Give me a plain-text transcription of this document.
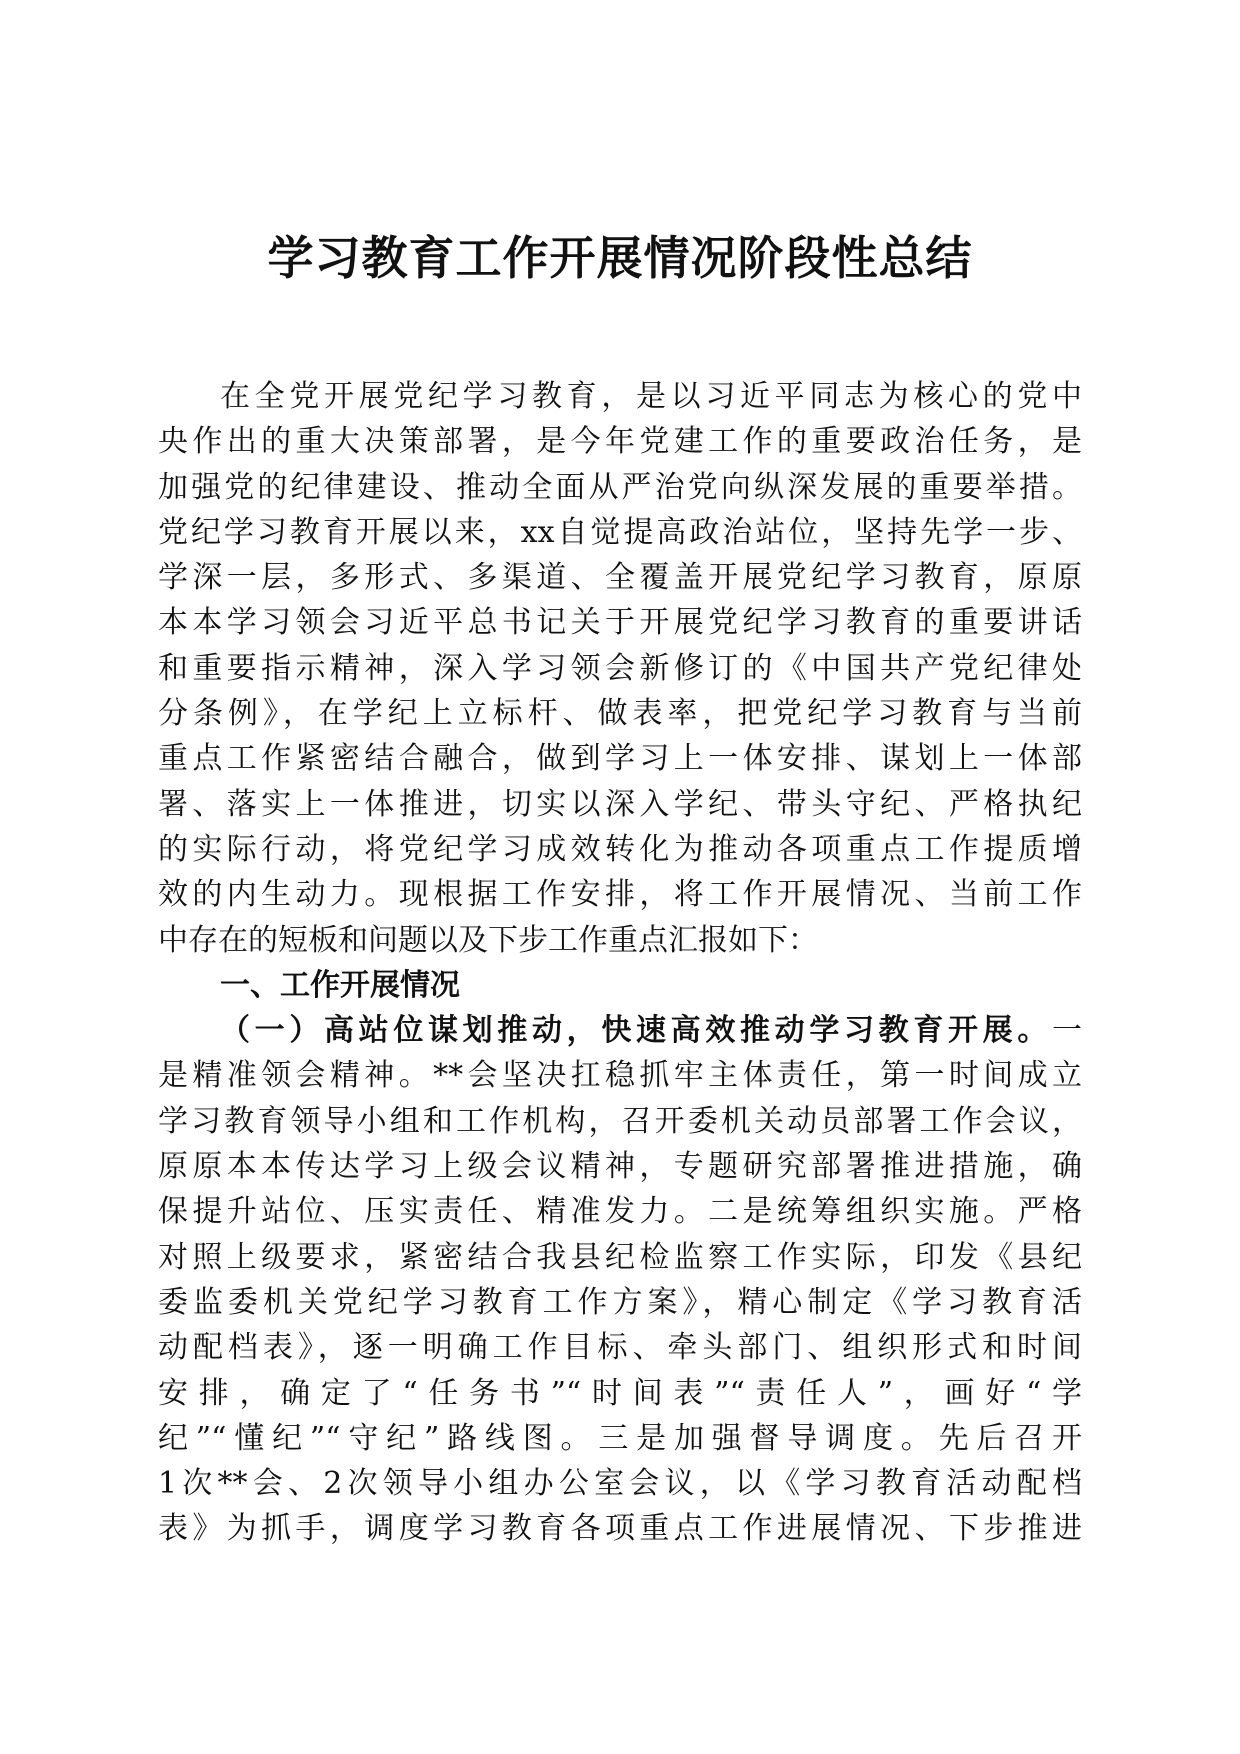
学习教育工作开展情况阶段性总结
在全党开展党纪学习教育，是以习近平同志为核心的党中
央作出的重大决策部署，是今年党建工作的重要政治任务，是
加强党的纪律建设、推动全面从严治党向纵深发展的重要举措。
党纪学习教育开展以来，xx自觉提高政治站位，坚持先学一步、
学深一层，多形式、多渠道、全覆盖开展党纪学习教育，原原
本本学习领会习近平总书记关于开展党纪学习教育的重要讲话
和重要指示精神，深入学习领会新修订的《中国共产党纪律处
分条例》，在学纪上立标杆、做表率，把党纪学习教育与当前
重点工作紧密结合融合，做到学习上一体安排、谋划上一体部
署、落实上一体推进，切实以深入学纪、带头守纪、严格执纪
的实际行动，将党纪学习成效转化为推动各项重点工作提质增
效的内生动力。现根据工作安排，将工作开展情况、当前工作
中存在的短板和问题以及下步工作重点汇报如下：
一、工作开展情况
（一）高站位谋划推动，快速高效推动学习教育开展。一
是精准领会精神。**会坚决扛稳抓牢主体责任，第一时间成立
学习教育领导小组和工作机构，召开委机关动员部署工作会议，
原原本本传达学习上级会议精神，专题研究部署推进措施，确
保提升站位、压实责任、精准发力。二是统筹组织实施。严格
对照上级要求，紧密结合我县纪检监察工作实际，印发《县纪
委监委机关党纪学习教育工作方案》，精心制定《学习教育活
动配档表》，逐一明确工作目标、牵头部门、组织形式和时间
安排，确定了“任务书”“时间表”“责任人”，画好“学
纪”“懂纪”“守纪”路线图。三是加强督导调度。先后召开
1次**会、2次领导小组办公室会议，以《学习教育活动配档
表》为抓手，调度学习教育各项重点工作进展情况、下步推进
